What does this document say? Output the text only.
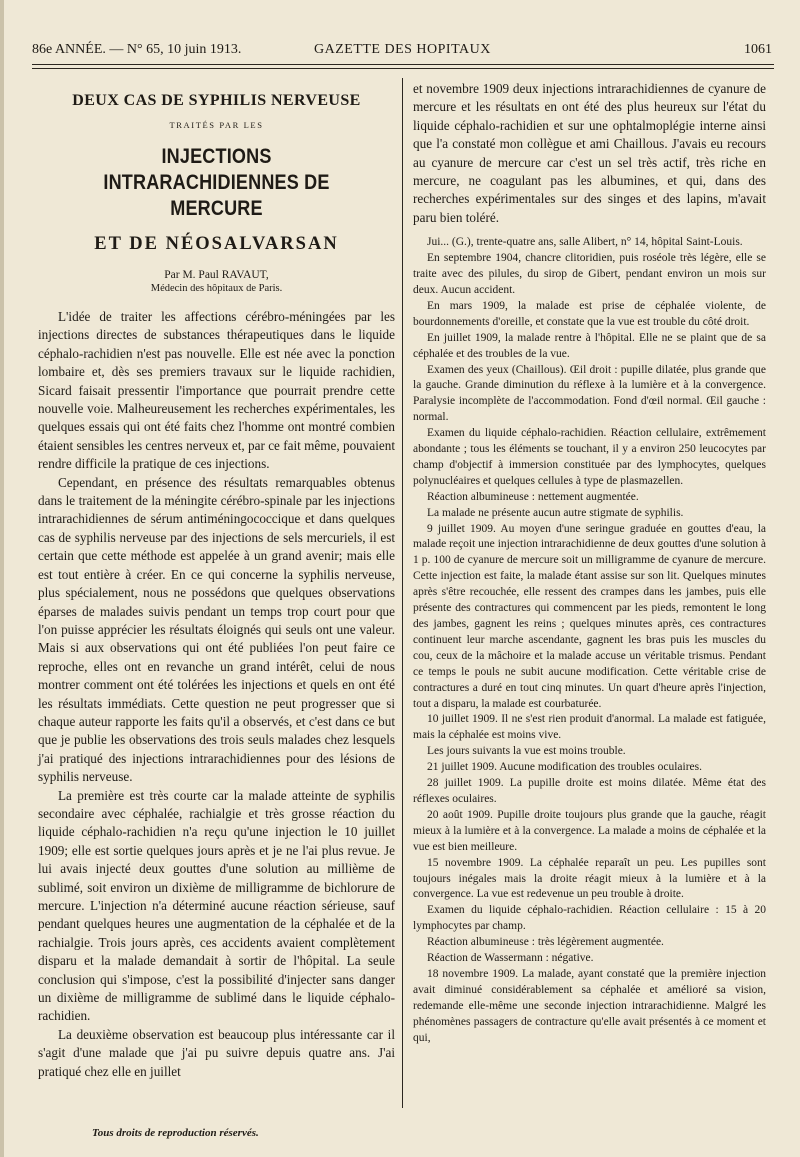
86e ANNÉE. — N° 65, 10 juin 1913.	GAZETTE DES HOPITAUX	1061
DEUX CAS DE SYPHILIS NERVEUSE
TRAITÉS PAR LES
INJECTIONS INTRARACHIDIENNES DE MERCURE
ET DE NÉOSALVARSAN
Par M. Paul RAVAUT,
Médecin des hôpitaux de Paris.

L'idée de traiter les affections cérébro-méningées par les injections directes de substances thérapeutiques dans le liquide céphalo-rachidien n'est pas nouvelle. Elle est née avec la ponction lombaire et, dès ses premiers travaux sur le liquide rachidien, Sicard faisait pressentir l'importance que pourrait prendre cette nouvelle voie. Malheureusement les recherches expérimentales, les quelques essais qui ont été faits chez l'homme ont montré combien étaient sensibles les centres nerveux et, par ce fait même, pouvaient rendre difficile la pratique de ces injections.

Cependant, en présence des résultats remarquables obtenus dans le traitement de la méningite cérébro-spinale par les injections intrarachidiennes de sérum antiméningococcique et dans quelques cas de syphilis nerveuse par des injections de sels mercuriels, il est certain que cette méthode est appelée à un grand avenir; mais elle est tout entière à créer. En ce qui concerne la syphilis nerveuse, plus spécialement, nous ne possédons que quelques observations éparses de malades suivis pendant un temps trop court pour que l'on puisse apprécier les résultats éloignés qui seuls ont une valeur. Mais si aux observations qui ont été publiées l'on peut faire ce reproche, elles ont en revanche un grand intérêt, celui de nous montrer comment ont été tolérées les injections et quels en ont été les résultats immédiats. Cette question ne peut progresser que si chaque auteur rapporte les faits qu'il a observés, et c'est dans ce but que je publie les observations des trois seuls malades chez lesquels j'ai pratiqué des injections intrarachidiennes pour des lésions de syphilis nerveuse.

La première est très courte car la malade atteinte de syphilis secondaire avec céphalée, rachialgie et très grosse réaction du liquide céphalo-rachidien n'a reçu qu'une injection le 10 juillet 1909; elle est sortie quelques jours après et je ne l'ai plus revue. Je lui avais injecté deux gouttes d'une solution au millième de sublimé, soit environ un dixième de milligramme de bichlorure de mercure. L'injection n'a déterminé aucune réaction sérieuse, sauf pendant quelques heures une augmentation de la céphalée et de la rachialgie. Trois jours après, ces accidents avaient complètement disparu et la malade demandait à sortir de l'hôpital. La seule conclusion qui s'impose, c'est la possibilité d'injecter sans danger un dixième de milligramme de sublimé dans le liquide céphalo-rachidien.

La deuxième observation est beaucoup plus intéressante car il s'agit d'une malade que j'ai pu suivre depuis quatre ans. J'ai pratiqué chez elle en juillet

et novembre 1909 deux injections intrarachidiennes de cyanure de mercure et les résultats en ont été des plus heureux sur l'état du liquide céphalo-rachidien et sur une ophtalmoplégie interne ainsi que l'a constaté mon collègue et ami Chaillous. J'avais eu recours au cyanure de mercure car c'est un sel très actif, très riche en mercure, ne coagulant pas les albumines, et qui, dans des recherches expérimentales sur des singes et des lapins, m'avait paru bien toléré.

Jui... (G.), trente-quatre ans, salle Alibert, n° 14, hôpital Saint-Louis.

En septembre 1904, chancre clitoridien, puis roséole très légère, elle se traite avec des pilules, du sirop de Gibert, pendant environ un mois sur deux. Aucun accident.

En mars 1909, la malade est prise de céphalée violente, de bourdonnements d'oreille, et constate que la vue est trouble du côté droit.

En juillet 1909, la malade rentre à l'hôpital. Elle ne se plaint que de sa céphalée et des troubles de la vue.

Examen des yeux (Chaillous). Œil droit : pupille dilatée, plus grande que la gauche. Grande diminution du réflexe à la lumière et à la convergence. Paralysie incomplète de l'accommodation. Fond d'œil normal. Œil gauche : normal.

Examen du liquide céphalo-rachidien. Réaction cellulaire, extrêmement abondante ; tous les éléments se touchant, il y a environ 250 leucocytes par champ d'objectif à immersion constituée par des lymphocytes, quelques polynucléaires et quelques cellules à type de plasmazellen.

Réaction albumineuse : nettement augmentée.

La malade ne présente aucun autre stigmate de syphilis.

9 juillet 1909. Au moyen d'une seringue graduée en gouttes d'eau, la malade reçoit une injection intrarachidienne de deux gouttes d'une solution à 1 p. 100 de cyanure de mercure soit un milligramme de cyanure de mercure. Cette injection est faite, la malade étant assise sur son lit. Quelques minutes après s'être recouchée, elle ressent des crampes dans les jambes, puis elle présente des contractures qui commencent par les pieds, remontent le long des jambes, gagnent les reins ; quelques minutes après, ces contractures continuent leur marche ascendante, gagnent les bras puis les muscles du cou, ceux de la mâchoire et la malade accuse un véritable trismus. Pendant ce temps le pouls ne subit aucune modification. Cette véritable crise de contractures a duré en tout cinq minutes. Un quart d'heure après l'injection, tout a disparu, la malade est courbaturée.

10 juillet 1909. Il ne s'est rien produit d'anormal. La malade est fatiguée, mais la céphalée est moins vive.

Les jours suivants la vue est moins trouble.

21 juillet 1909. Aucune modification des troubles oculaires.

28 juillet 1909. La pupille droite est moins dilatée. Même état des réflexes oculaires.

20 août 1909. Pupille droite toujours plus grande que la gauche, réagit mieux à la lumière et à la convergence. La malade a moins de céphalée et la vue est bien meilleure.

15 novembre 1909. La céphalée reparaît un peu. Les pupilles sont toujours inégales mais la droite réagit mieux à la lumière et à la convergence. La vue est redevenue un peu trouble à droite.

Examen du liquide céphalo-rachidien. Réaction cellulaire : 15 à 20 lymphocytes par champ.

Réaction albumineuse : très légèrement augmentée.

Réaction de Wassermann : négative.

18 novembre 1909. La malade, ayant constaté que la première injection avait diminué considérablement sa céphalée et amélioré sa vision, redemande elle-même une seconde injection intrarachidienne. Malgré les phénomènes passagers de contracture qu'elle avait présentés à ce moment et qui,

Tous droits de reproduction réservés.
